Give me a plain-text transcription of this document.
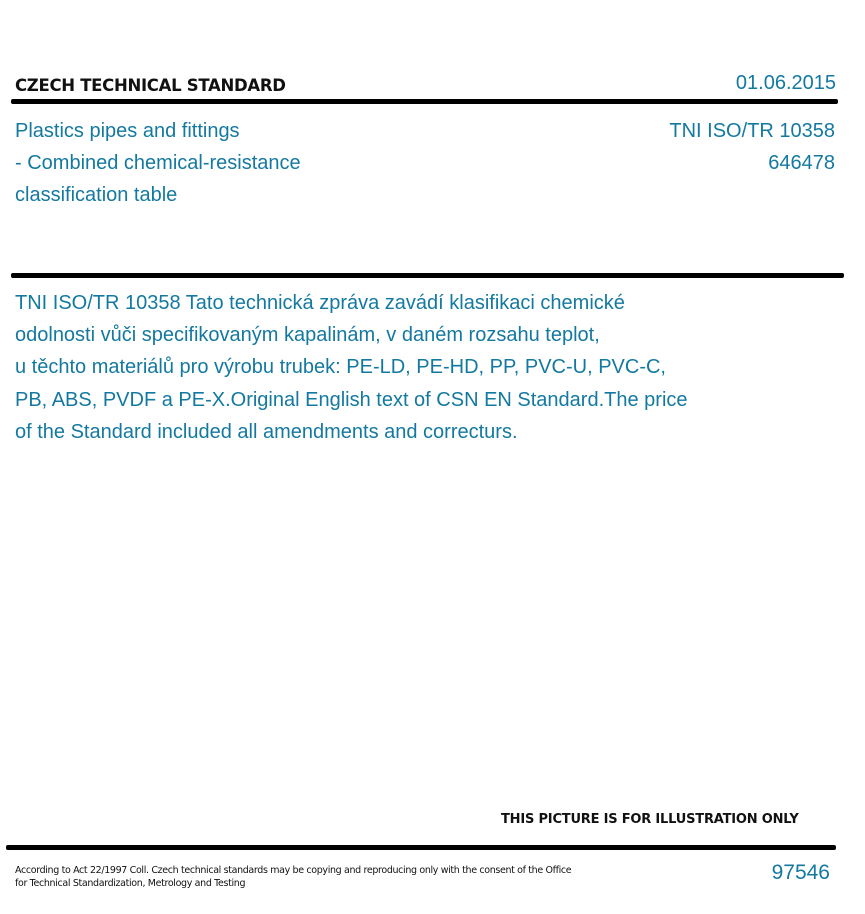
CZECH TECHNICAL STANDARD	01.06.2015
Plastics pipes and fittings
- Combined chemical-resistance
classification table
TNI ISO/TR 10358
646478
TNI ISO/TR 10358 Tato technická zpráva zavádí klasifikaci chemické
odolnosti vůči specifikovaným kapalinám, v daném rozsahu teplot,
u těchto materiálů pro výrobu trubek: PE-LD, PE-HD, PP, PVC-U, PVC-C,
PB, ABS, PVDF a PE-X.Original English text of CSN EN Standard.The price
of the Standard included all amendments and correcturs.
THIS PICTURE IS FOR ILLUSTRATION ONLY
According to Act 22/1997 Coll. Czech technical standards may be copying and reproducing only with the consent of the Office
for Technical Standardization, Metrology and Testing	97546
